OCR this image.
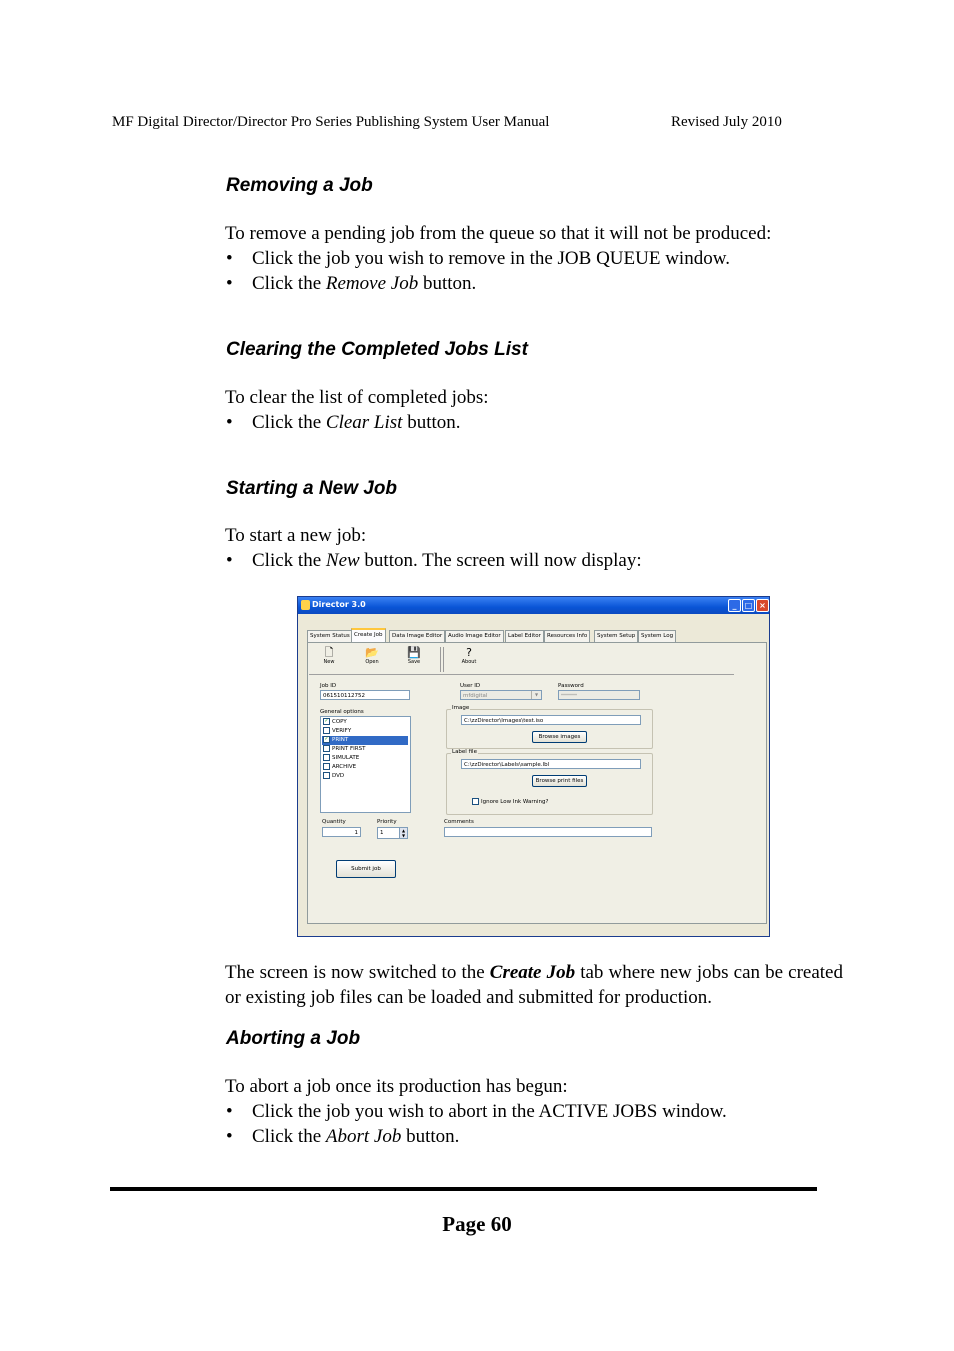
MF Digital Director/Director Pro Series Publishing System User Manual	Revised July 2010
Removing a Job

To remove a pending job from the queue so that it will not be produced:

• Click the job you wish to remove in the JOB QUEUE window.
• Click the Remove Job button.
Clearing the Completed Jobs List

To clear the list of completed jobs:

• Click the Clear List button.
Starting a New Job

To start a new job:

• Click the New button. The screen will now display:
Director 3.0	_	□ ×
System Status Create Job	Data Image Editor	Audio Image Editor	Label Editor	Resources Info	System Setup	System Log
🗋
New
📂
Open
💾
Save
?
About
Job ID
061510112752
User ID
mfdigital	▼
Password
********
General options
✓ COPY
VERIFY
✓ PRINT
PRINT FIRST
SIMULATE
ARCHIVE
DVD
Image
C:\zzDirector\Images\test.iso
Browse images
Label file
C:\zzDirector\Labels\sample.lbl
Browse print files
Ignore Low Ink Warning?
Quantity
1
Priority
1	▲
▼
Comments
Submit job

The screen is now switched to the Create Job tab where new jobs can be created or existing job files can be loaded and submitted for production.

Aborting a Job

To abort a job once its production has begun:

• Click the job you wish to abort in the ACTIVE JOBS window.
• Click the Abort Job button.
Page 60
